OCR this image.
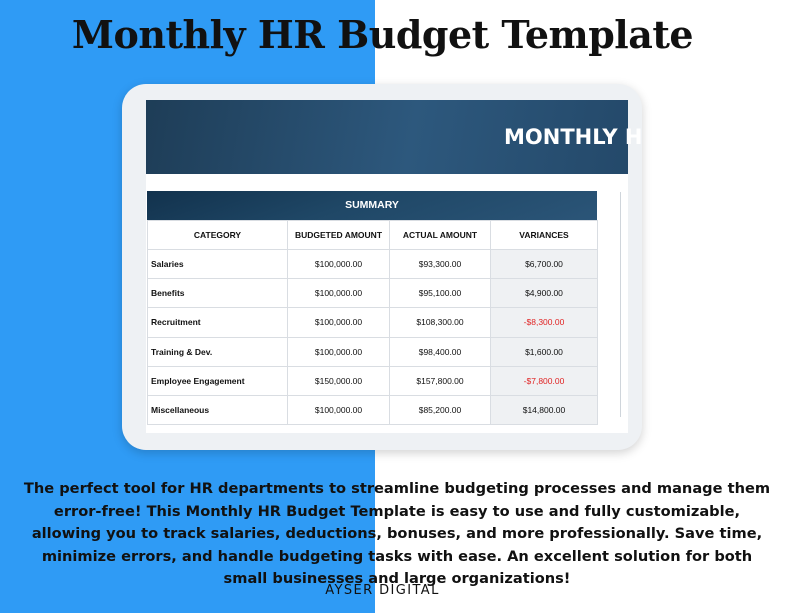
Monthly HR Budget Template
MONTHLY H
SUMMARY
CATEGORY	BUDGETED AMOUNT	ACTUAL AMOUNT	VARIANCES
Salaries	$100,000.00	$93,300.00	$6,700.00
Benefits	$100,000.00	$95,100.00	$4,900.00
Recruitment	$100,000.00	$108,300.00	-$8,300.00
Training & Dev.	$100,000.00	$98,400.00	$1,600.00
Employee Engagement	$150,000.00	$157,800.00	-$7,800.00
Miscellaneous	$100,000.00	$85,200.00	$14,800.00
The perfect tool for HR departments to streamline budgeting processes and manage them error-free! This Monthly HR Budget Template is easy to use and fully customizable, allowing you to track salaries, deductions, bonuses, and more professionally. Save time, minimize errors, and handle budgeting tasks with ease. An excellent solution for both small businesses and large organizations!
AYSER DIGITAL
